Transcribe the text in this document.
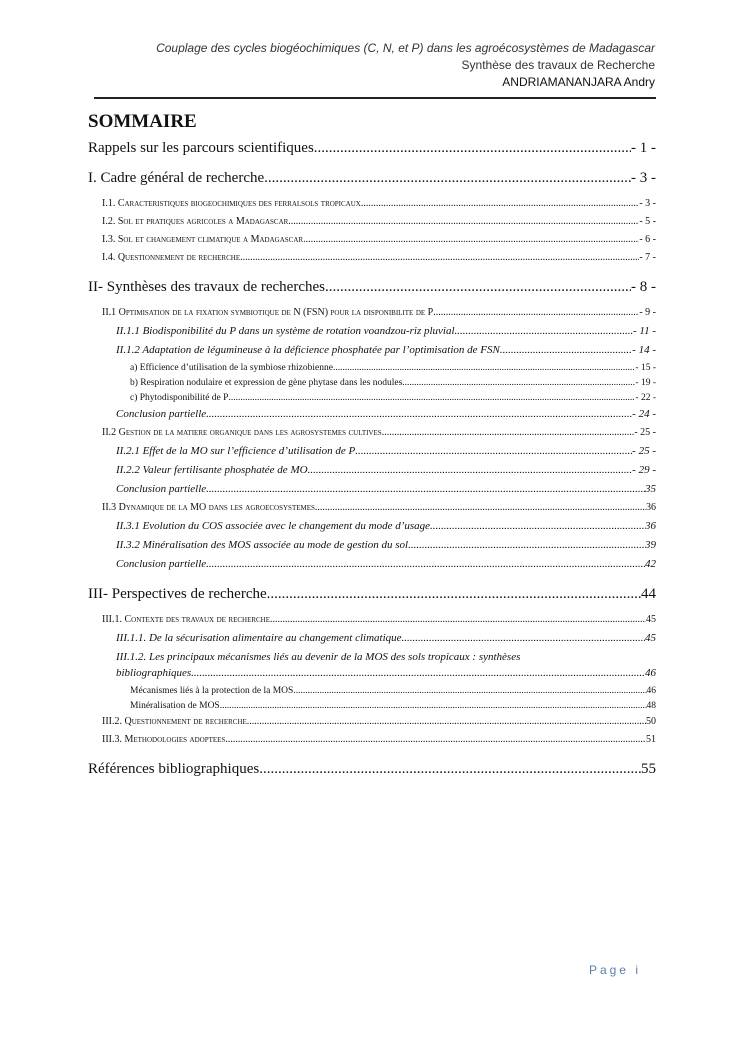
Couplage des cycles biogéochimiques (C, N, et P) dans les agroécosystèmes de Madagascar
Synthèse des travaux de Recherche
ANDRIAMANANJARA Andry
SOMMAIRE
Rappels sur les parcours scientifiques .....	- 1 -
I. Cadre général de recherche .....	- 3 -
I.1. Caracteristiques biogeochimiques des ferralsols tropicaux .....	- 3 -
I.2. Sol et pratiques agricoles a Madagascar .....	- 5 -
I.3. Sol et changement climatique a Madagascar .....	- 6 -
I.4. Questionnement de recherche .....	- 7 -
II- Synthèses des travaux de recherches .....	- 8 -
II.1 Optimisation de la fixation symbiotique de N (FSN) pour la disponibilite de P .....	- 9 -
II.1.1 Biodisponibilité du P dans un système de rotation voandzou-riz pluvial .....	- 11 -
II.1.2 Adaptation de légumineuse à la déficience phosphatée par l’optimisation de FSN .....	- 14 -
a) Efficience d’utilisation de la symbiose rhizobienne .....	- 15 -
b) Respiration nodulaire et expression de gène phytase dans les nodules .....	- 19 -
c) Phytodisponibilité de P .....	- 22 -
Conclusion partielle .....	- 24 -
II.2 Gestion de la matiere organique dans les agrosystemes cultives .....	- 25 -
II.2.1 Effet de la MO sur l’efficience d’utilisation de P .....	- 25 -
II.2.2 Valeur fertilisante phosphatée de MO .....	- 29 -
Conclusion partielle .....	35
II.3 Dynamique de la MO dans les agroecosystemes .....	36
II.3.1 Evolution du COS associée avec le changement du mode d’usage .....	36
II.3.2 Minéralisation des MOS associée au mode de gestion du sol .....	39
Conclusion partielle .....	42
III- Perspectives de recherche .....	44
III.1. Contexte des travaux de recherche .....	45
III.1.1. De la sécurisation alimentaire au changement climatique .....	45
III.1.2. Les principaux mécanismes liés au devenir de la MOS des sols tropicaux : synthèses
bibliographiques .....	46
Mécanismes liés à la protection de la MOS .....	46
Minéralisation de MOS .....	48
III.2. Questionnement de recherche .....	50
III.3. Methodologies adoptees .....	51
Références bibliographiques .....	55
Page i
